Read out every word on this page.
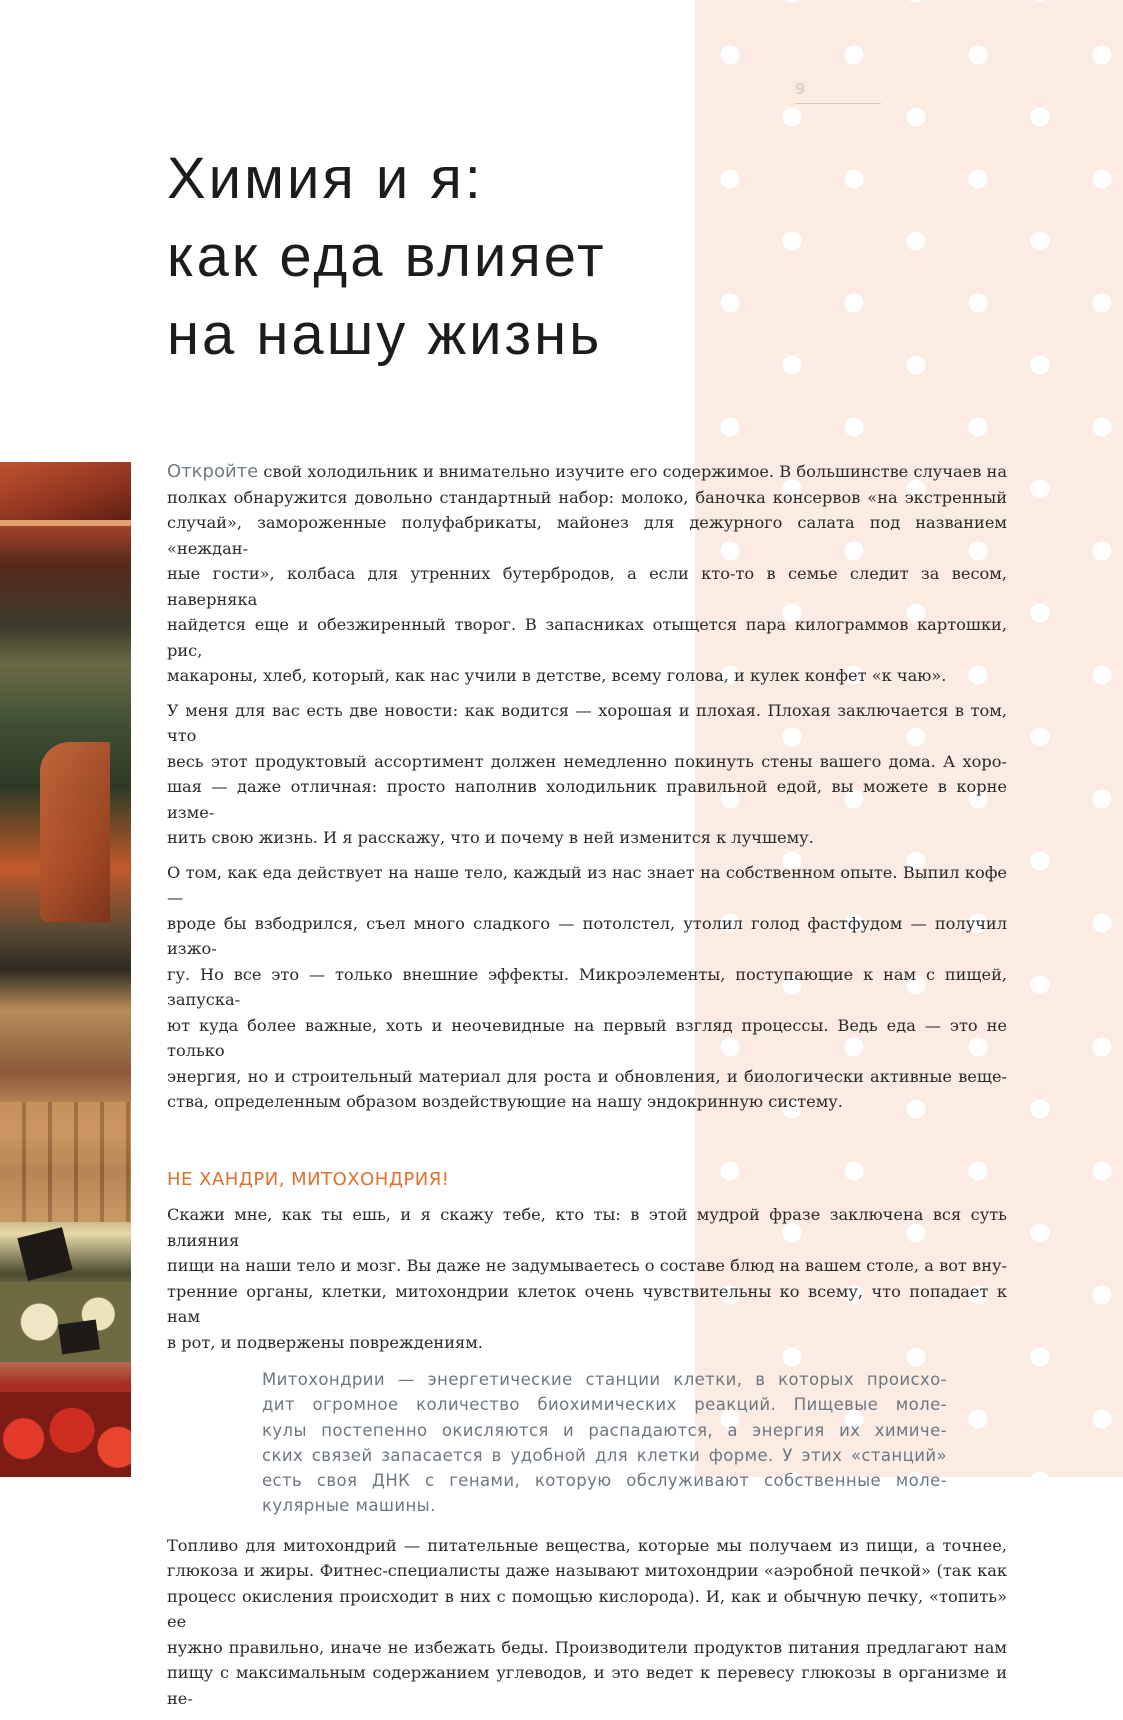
9
Химия и я:
как еда влияет
на нашу жизнь

Откройте свой холодильник и внимательно изучите его содержимое. В большинстве случаев на
полках обнаружится довольно стандартный набор: молоко, баночка консервов «на экстренный
случай», замороженные полуфабрикаты, майонез для дежурного салата под названием «неждан-
ные гости», колбаса для утренних бутербродов, а если кто-то в семье следит за весом, наверняка
найдется еще и обезжиренный творог. В запасниках отыщется пара килограммов картошки, рис,
макароны, хлеб, который, как нас учили в детстве, всему голова, и кулек конфет «к чаю».

У меня для вас есть две новости: как водится — хорошая и плохая. Плохая заключается в том, что
весь этот продуктовый ассортимент должен немедленно покинуть стены вашего дома. А хоро-
шая — даже отличная: просто наполнив холодильник правильной едой, вы можете в корне изме-
нить свою жизнь. И я расскажу, что и почему в ней изменится к лучшему.

О том, как еда действует на наше тело, каждый из нас знает на собственном опыте. Выпил кофе —
вроде бы взбодрился, съел много сладкого — потолстел, утолил голод фастфудом — получил изжо-
гу. Но все это — только внешние эффекты. Микроэлементы, поступающие к нам с пищей, запуска-
ют куда более важные, хоть и неочевидные на первый взгляд процессы. Ведь еда — это не только
энергия, но и строительный материал для роста и обновления, и биологически активные веще-
ства, определенным образом воздействующие на нашу эндокринную систему.

НЕ ХАНДРИ, МИТОХОНДРИЯ!

Скажи мне, как ты ешь, и я скажу тебе, кто ты: в этой мудрой фразе заключена вся суть влияния
пищи на наши тело и мозг. Вы даже не задумываетесь о составе блюд на вашем столе, а вот вну-
тренние органы, клетки, митохондрии клеток очень чувствительны ко всему, что попадает к нам
в рот, и подвержены повреждениям.

Митохондрии — энергетические станции клетки, в которых происхо-
дит огромное количество биохимических реакций. Пищевые моле-
кулы постепенно окисляются и распадаются, а энергия их химиче-
ских связей запасается в удобной для клетки форме. У этих «станций»
есть своя ДНК с генами, которую обслуживают собственные моле-
кулярные машины.

Топливо для митохондрий — питательные вещества, которые мы получаем из пищи, а точнее,
глюкоза и жиры. Фитнес-специалисты даже называют митохондрии «аэробной печкой» (так как
процесс окисления происходит в них с помощью кислорода). И, как и обычную печку, «топить» ее
нужно правильно, иначе не избежать беды. Производители продуктов питания предлагают нам
пищу с максимальным содержанием углеводов, и это ведет к перевесу глюкозы в организме и не-
